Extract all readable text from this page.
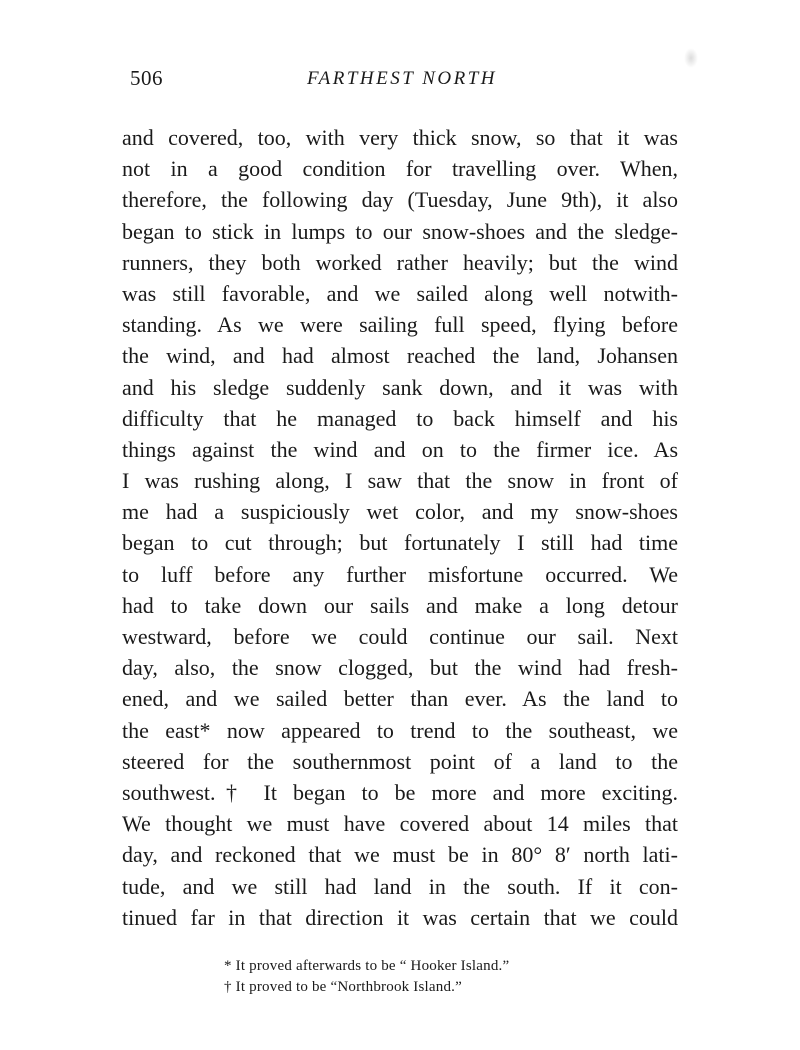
506	FARTHEST NORTH
and covered, too, with very thick snow, so that it was
not in a good condition for travelling over. When,
therefore, the following day (Tuesday, June 9th), it also
began to stick in lumps to our snow-shoes and the sledge-
runners, they both worked rather heavily; but the wind
was still favorable, and we sailed along well notwith-
standing. As we were sailing full speed, flying before
the wind, and had almost reached the land, Johansen
and his sledge suddenly sank down, and it was with
difficulty that he managed to back himself and his
things against the wind and on to the firmer ice. As
I was rushing along, I saw that the snow in front of
me had a suspiciously wet color, and my snow-shoes
began to cut through; but fortunately I still had time
to luff before any further misfortune occurred. We
had to take down our sails and make a long detour
westward, before we could continue our sail. Next
day, also, the snow clogged, but the wind had fresh-
ened, and we sailed better than ever. As the land to
the east* now appeared to trend to the southeast, we
steered for the southernmost point of a land to the
southwest.† It began to be more and more exciting.
We thought we must have covered about 14 miles that
day, and reckoned that we must be in 80° 8′ north lati-
tude, and we still had land in the south. If it con-
tinued far in that direction it was certain that we could
* It proved afterwards to be “ Hooker Island.”
† It proved to be “Northbrook Island.”
